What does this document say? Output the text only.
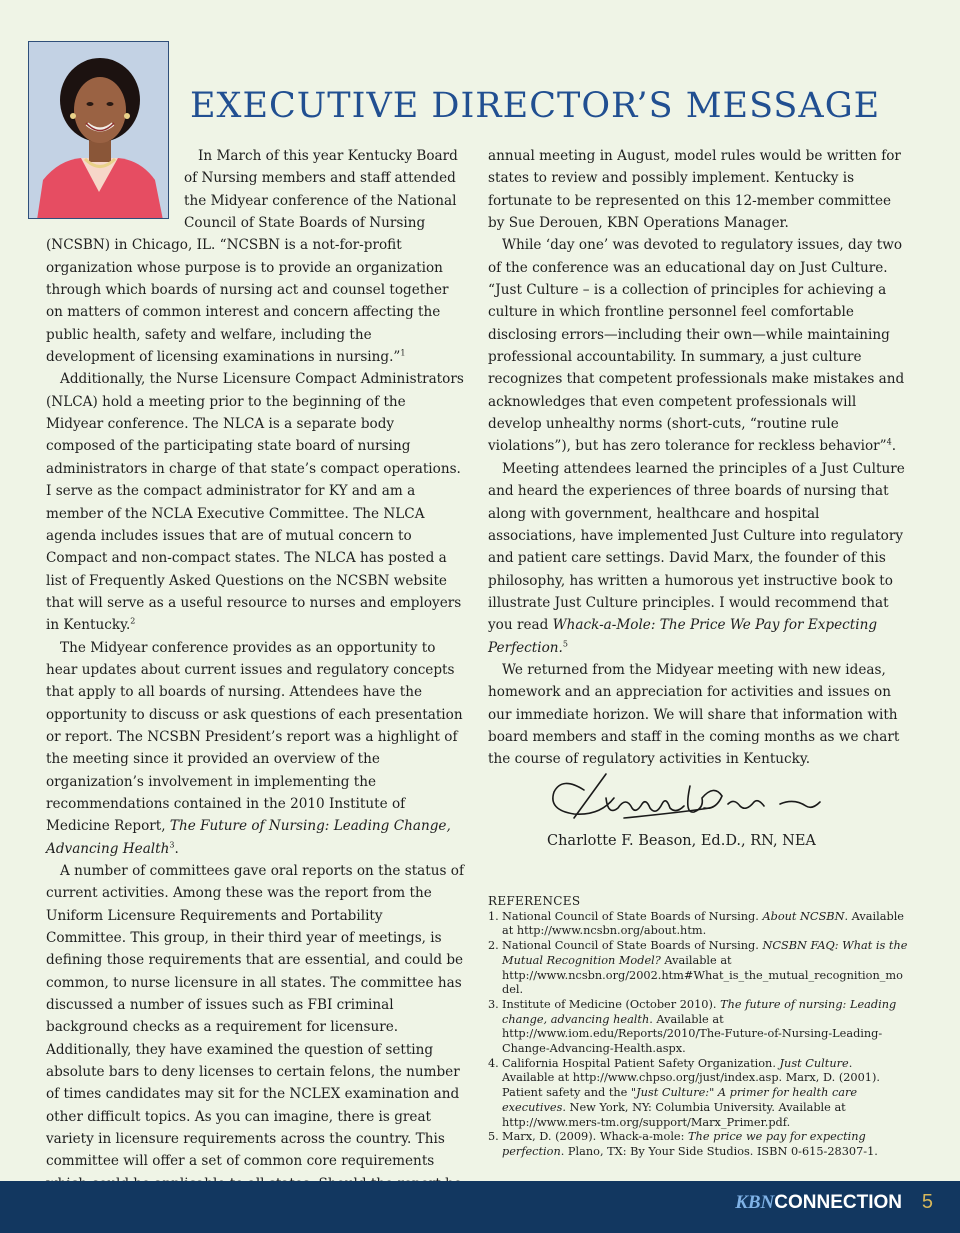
EXECUTIVE DIRECTOR’S MESSAGE
In March of this year Kentucky Board
of Nursing members and staff attended
the Midyear conference of the National
Council of State Boards of Nursing

(NCSBN) in Chicago, IL. “NCSBN is a not-for-profit organization whose purpose is to provide an organization through which boards of nursing act and counsel together on matters of common interest and concern affecting the public health, safety and welfare, including the development of licensing examinations in nursing.”$^1$

Additionally, the Nurse Licensure Compact Administrators (NLCA) hold a meeting prior to the beginning of the Midyear conference. The NLCA is a separate body composed of the participating state board of nursing administrators in charge of that state’s compact operations. I serve as the compact administrator for KY and am a member of the NCLA Executive Committee. The NLCA agenda includes issues that are of mutual concern to Compact and non-compact states. The NLCA has posted a list of Frequently Asked Questions on the NCSBN website that will serve as a useful resource to nurses and employers in Kentucky.$^2$

The Midyear conference provides as an opportunity to hear updates about current issues and regulatory concepts that apply to all boards of nursing. Attendees have the opportunity to discuss or ask questions of each presentation or report. The NCSBN President’s report was a highlight of the meeting since it provided an overview of the organization’s involvement in implementing the recommendations contained in the 2010 Institute of Medicine Report, The Future of Nursing: Leading Change, Advancing Health$^3$.

A number of committees gave oral reports on the status of current activities. Among these was the report from the Uniform Licensure Requirements and Portability Committee. This group, in their third year of meetings, is defining those requirements that are essential, and could be common, to nurse licensure in all states. The committee has discussed a number of issues such as FBI criminal background checks as a requirement for licensure. Additionally, they have examined the question of setting absolute bars to deny licenses to certain felons, the number of times candidates may sit for the NCLEX examination and other difficult topics. As you can imagine, there is great variety in licensure requirements across the country. This committee will offer a set of common core requirements

annual meeting in August, model rules would be written for states to review and possibly implement. Kentucky is fortunate to be represented on this 12-member committee by Sue Derouen, KBN Operations Manager.

While ‘day one’ was devoted to regulatory issues, day two of the conference was an educational day on Just Culture. “Just Culture – is a collection of principles for achieving a culture in which frontline personnel feel comfortable disclosing errors—including their own—while maintaining professional accountability. In summary, a just culture recognizes that competent professionals make mistakes and acknowledges that even competent professionals will develop unhealthy norms (short-cuts, “routine rule violations”), but has zero tolerance for reckless behavior”$^4$.

Meeting attendees learned the principles of a Just Culture and heard the experiences of three boards of nursing that along with government, healthcare and hospital associations, have implemented Just Culture into regulatory and patient care settings. David Marx, the founder of this philosophy, has written a humorous yet instructive book to illustrate Just Culture principles. I would recommend that you read Whack-a-Mole: The Price We Pay for Expecting Perfection.$^5$

We returned from the Midyear meeting with new ideas, homework and an appreciation for activities and issues on our immediate horizon. We will share that information with board members and staff in the coming months as we chart the course of regulatory activities in Kentucky.

Charlotte F. Beason, Ed.D., RN, NEA
REFERENCES
1. National Council of State Boards of Nursing. About NCSBN. Available at http://www.ncsbn.org/about.htm.
2. National Council of State Boards of Nursing. NCSBN FAQ: What is the Mutual Recognition Model? Available at http://www.ncsbn.org/2002.htm#What_is_the_mutual_recognition_model.
3. Institute of Medicine (October 2010). The future of nursing: Leading change, advancing health. Available at http://www.iom.edu/Reports/2010/The-Future-of-Nursing-Leading-Change-Advancing-Health.aspx.
4. California Hospital Patient Safety Organization. Just Culture. Available at http://www.chpso.org/just/index.asp. Marx, D. (2001). Patient safety and the "Just Culture:" A primer for health care executives. New York, NY: Columbia University. Available at http://www.mers-tm.org/support/Marx_Primer.pdf.
5. Marx, D. (2009). Whack-a-mole: The price we pay for expecting perfection. Plano, TX: By Your Side Studios. ISBN 0-615-28307-1.
KBNCONNECTION 5
